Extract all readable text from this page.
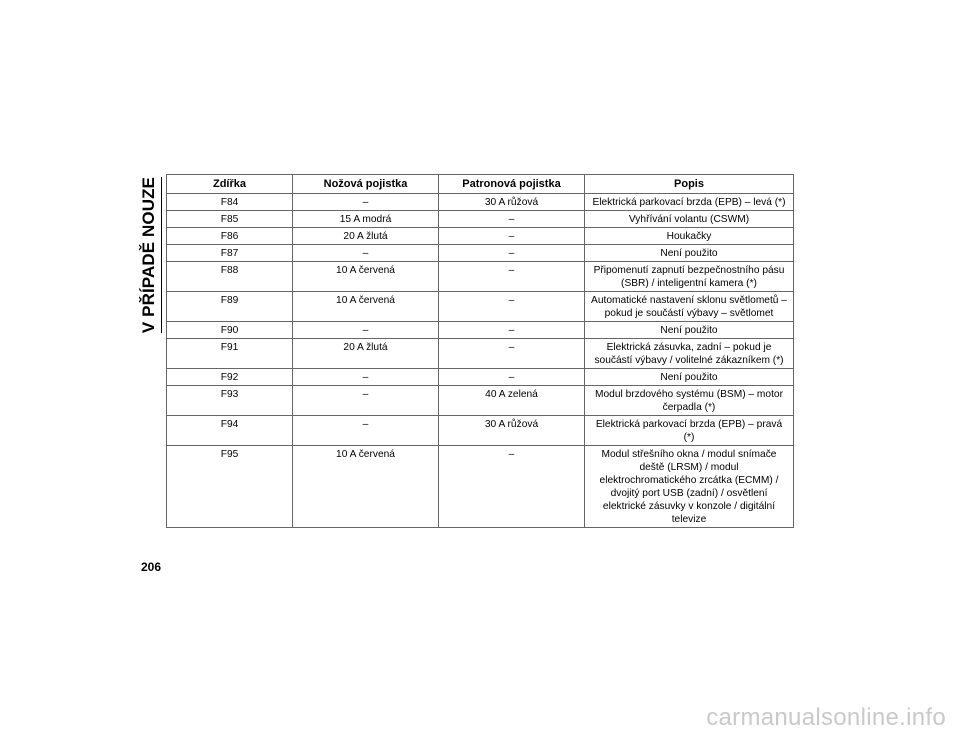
V PŘÍPADĚ NOUZE	Zdířka	Nožová pojistka	Patronová pojistka	Popis
F84	–	30 A růžová	Elektrická parkovací brzda (EPB) – levá (*)
F85	15 A modrá	–	Vyhřívání volantu (CSWM)
F86	20 A žlutá	–	Houkačky
F87	–	–	Není použito
F88	10 A červená	–	Připomenutí zapnutí bezpečnostního pásu (SBR) / inteligentní kamera (*)
F89	10 A červená	–	Automatické nastavení sklonu světlometů – pokud je součástí výbavy – světlomet
F90	–	–	Není použito
F91	20 A žlutá	–	Elektrická zásuvka, zadní – pokud je součástí výbavy / volitelné zákazníkem (*)
F92	–	–	Není použito
F93	–	40 A zelená	Modul brzdového systému (BSM) – motor čerpadla (*)
F94	–	30 A růžová	Elektrická parkovací brzda (EPB) – pravá (*)
F95	10 A červená	–	Modul střešního okna / modul snímače deště (LRSM) / modul elektrochromatického zrcátka (ECMM) / dvojitý port USB (zadní) / osvětlení elektrické zásuvky v konzole / digitální televize
206
carmanualsonline.info
